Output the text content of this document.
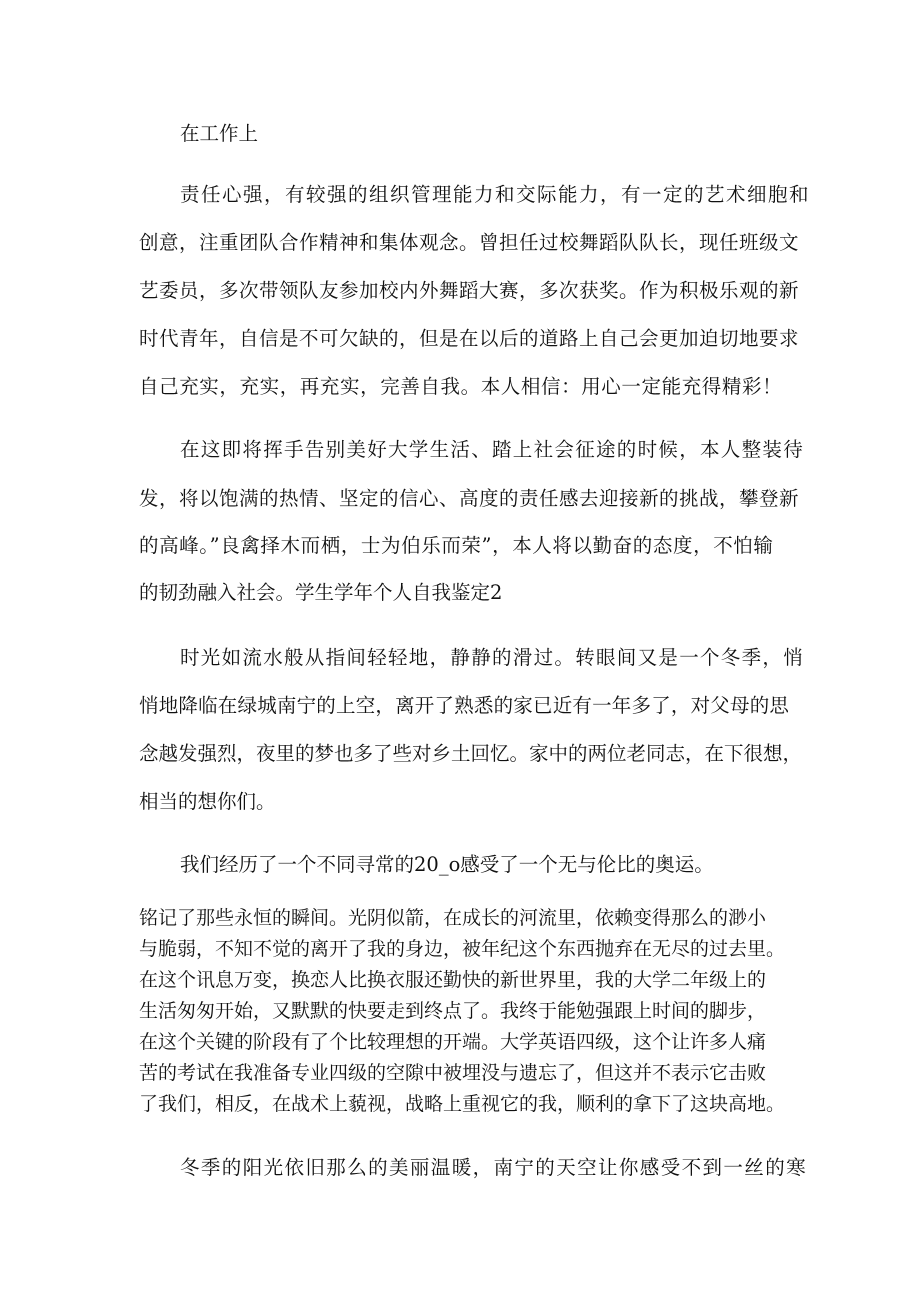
在工作上
责任心强，有较强的组织管理能力和交际能力，有一定的艺术细胞和
创意，注重团队合作精神和集体观念。曾担任过校舞蹈队队长，现任班级文
艺委员，多次带领队友参加校内外舞蹈大赛，多次获奖。作为积极乐观的新
时代青年，自信是不可欠缺的，但是在以后的道路上自己会更加迫切地要求
自己充实，充实，再充实，完善自我。本人相信：用心一定能充得精彩！
在这即将挥手告别美好大学生活、踏上社会征途的时候，本人整装待
发，将以饱满的热情、坚定的信心、高度的责任感去迎接新的挑战，攀登新
的高峰。”良禽择木而栖，士为伯乐而荣”，本人将以勤奋的态度，不怕输
的韧劲融入社会。学生学年个人自我鉴定2
时光如流水般从指间轻轻地，静静的滑过。转眼间又是一个冬季，悄
悄地降临在绿城南宁的上空，离开了熟悉的家已近有一年多了，对父母的思
念越发强烈，夜里的梦也多了些对乡土回忆。家中的两位老同志，在下很想，
相当的想你们。
我们经历了一个不同寻常的20_o感受了一个无与伦比的奥运。
铭记了那些永恒的瞬间。光阴似箭，在成长的河流里，依赖变得那么的渺小
与脆弱，不知不觉的离开了我的身边，被年纪这个东西抛弃在无尽的过去里。
在这个讯息万变，换恋人比换衣服还勤快的新世界里，我的大学二年级上的
生活匆匆开始，又默默的快要走到终点了。我终于能勉强跟上时间的脚步，
在这个关键的阶段有了个比较理想的开端。大学英语四级，这个让许多人痛
苦的考试在我准备专业四级的空隙中被埋没与遗忘了，但这并不表示它击败
了我们，相反，在战术上藐视，战略上重视它的我，顺利的拿下了这块高地。
冬季的阳光依旧那么的美丽温暖，南宁的天空让你感受不到一丝的寒
